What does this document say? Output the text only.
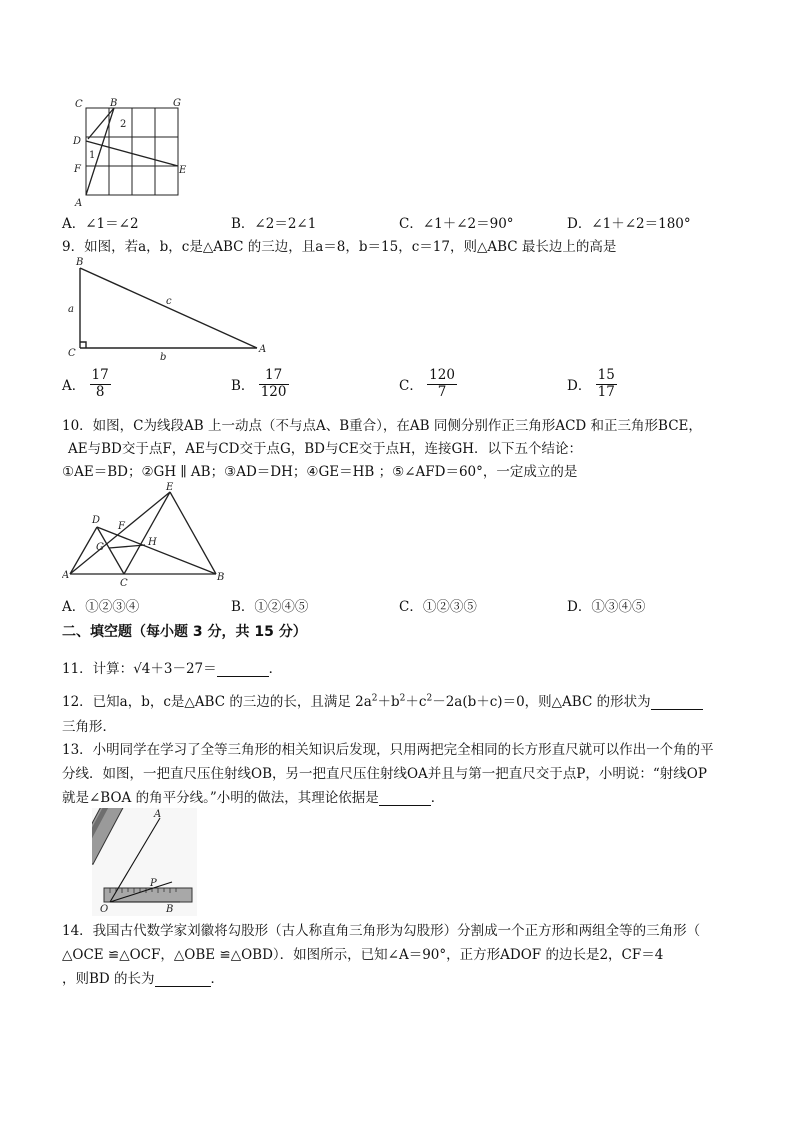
C	B	G
D
F	E
A
1
2
A．∠1＝∠2	B．∠2＝2∠1	C．∠1＋∠2＝90°	D．∠1＋∠2＝180°
9．如图，若a，b，c是△ABC 的三边，且a＝8，b＝15，c＝17，则△ABC 最长边上的高是
B
a
c
C	b
A
A． $\frac{17}{8}$	B． $\frac{17}{120}$	C． $\frac{120}{7}$	D． $\frac{15}{17}$
10．如图，C为线段AB 上一动点（不与点A、B重合），在AB 同侧分别作正三角形ACD 和正三角形BCE，
AE与BD交于点F，AE与CD交于点G，BD与CE交于点H，连接GH．以下五个结论：
①AE＝BD；②GH ∥ AB；③AD＝DH；④GE＝HB ；⑤∠AFD＝60°，一定成立的是
E
D
F
G	H
A
C
B
A．①②③④	B．①②④⑤	C．①②③⑤	D．①③④⑤
二、填空题（每小题 3 分，共 15 分）
11．计算：√4＋3－27＝	．
12．已知a，b，c是△ABC 的三边的长，且满足 $2a^2+b^2+c^2-2a(b+c)=0$，则△ABC 的形状为
三角形．
13．小明同学在学习了全等三角形的相关知识后发现，只用两把完全相同的长方形直尺就可以作出一个角的平
分线．如图，一把直尺压住射线OB，另一把直尺压住射线OA并且与第一把直尺交于点P，小明说：“射线OP
就是∠BOA 的角平分线。”小明的做法，其理论依据是	．
A
P
O	B
14．我国古代数学家刘徽将勾股形（古人称直角三角形为勾股形）分割成一个正方形和两组全等的三角形（
△OCE ≌△OCF，△OBE ≌△OBD）．如图所示，已知∠A＝90°，正方形ADOF 的边长是2，CF＝4
，则BD 的长为	．
